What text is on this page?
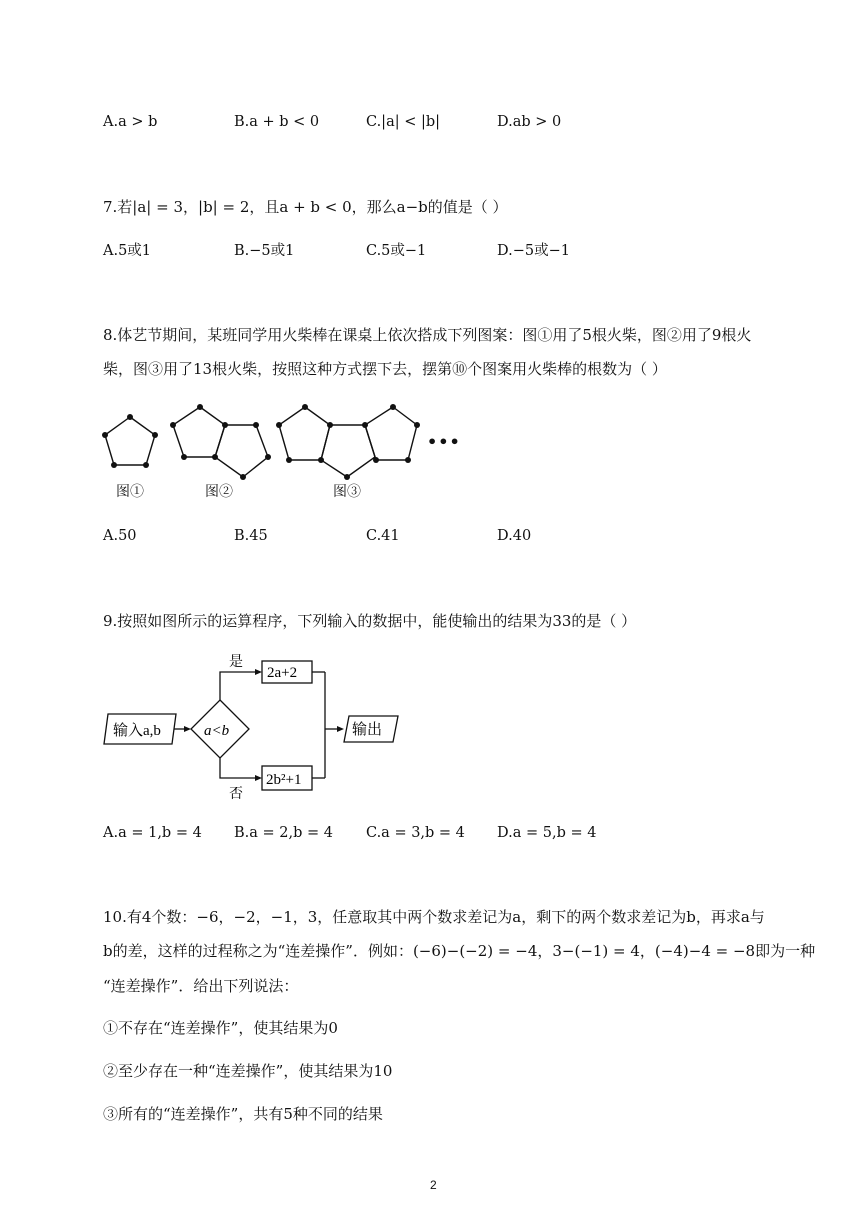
A.a > b	B.a + b < 0	C.|a| < |b|	D.ab > 0
7.若|a| = 3，|b| = 2，且a + b < 0，那么a−b的值是（ ）
A.5或1	B.−5或1	C.5或−1	D.−5或−1
8.体艺节期间，某班同学用火柴棒在课桌上依次搭成下列图案：图①用了5根火柴，图②用了9根火
柴，图③用了13根火柴，按照这种方式摆下去，摆第⑩个图案用火柴棒的根数为（ ）
•••
图①	图②	图③
A.50	B.45	C.41	D.40
9.按照如图所示的运算程序，下列输入的数据中，能使输出的结果为33的是（ ）
输入a,b	a<b
是
否
2a+2
2b²+1
输出
A.a = 1,b = 4 B.a = 2,b = 4 C.a = 3,b = 4 D.a = 5,b = 4
10.有4个数：−6，−2，−1，3，任意取其中两个数求差记为a，剩下的两个数求差记为b，再求a与
b的差，这样的过程称之为“连差操作”．例如：(−6)−(−2) = −4，3−(−1) = 4，(−4)−4 = −8即为一种
“连差操作”．给出下列说法：
①不存在“连差操作”，使其结果为0
②至少存在一种“连差操作”，使其结果为10
③所有的“连差操作”，共有5种不同的结果
2
